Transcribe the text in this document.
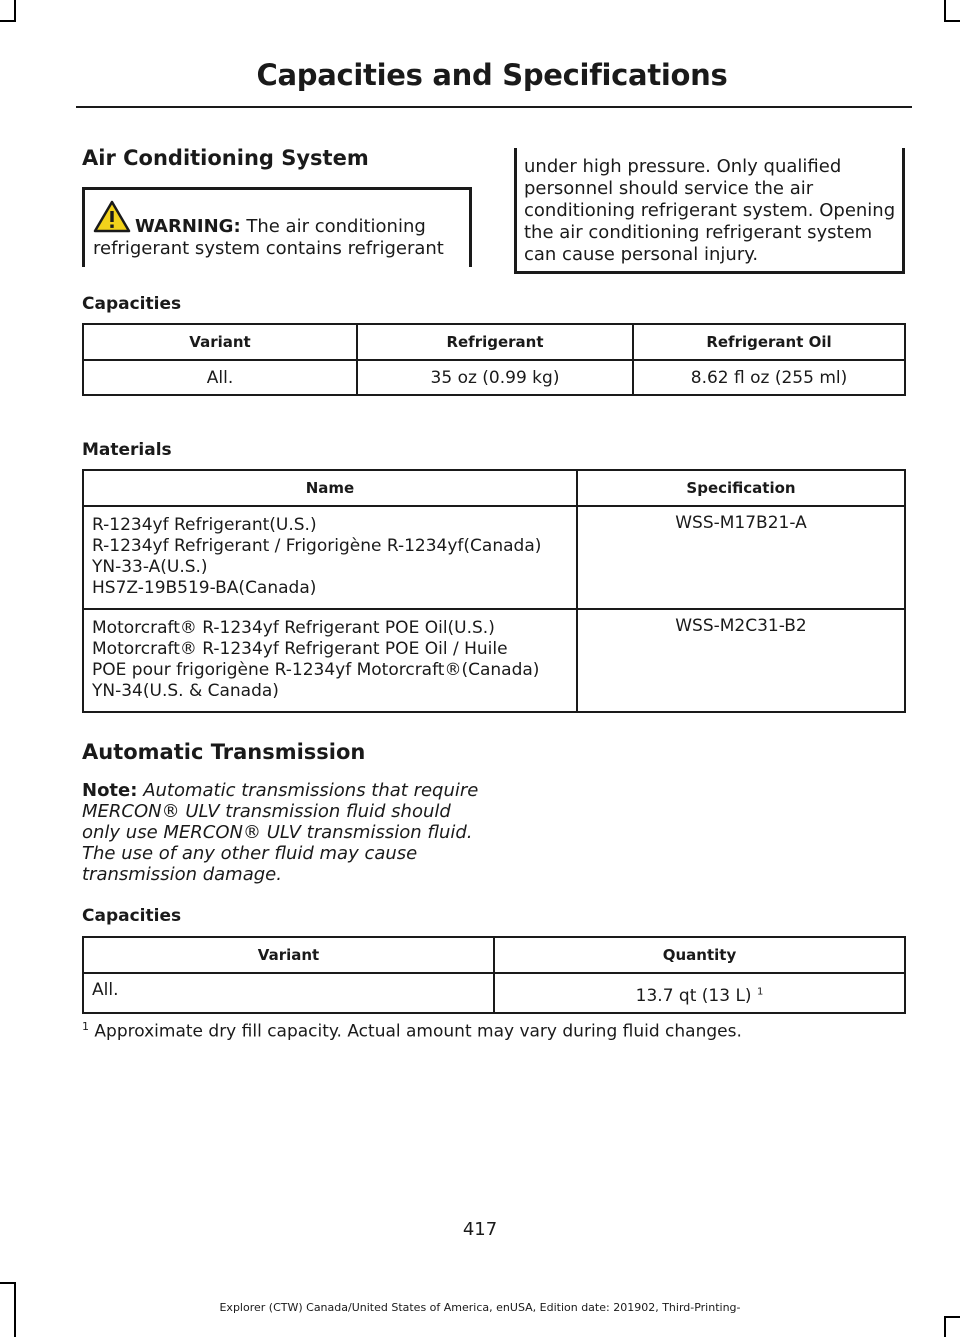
Capacities and Specifications
Air Conditioning System
WARNING: The air conditioning refrigerant system contains refrigerant
under high pressure. Only qualified personnel should service the air conditioning refrigerant system. Opening the air conditioning refrigerant system can cause personal injury.
Capacities
Variant	Refrigerant	Refrigerant Oil
All.	35 oz (0.99 kg)	8.62 fl oz (255 ml)
Materials
Name	Specification

R-1234yf Refrigerant(U.S.)
R-1234yf Refrigerant / Frigorigène R-1234yf(Canada)
YN-33-A(U.S.)
HS7Z-19B519-BA(Canada)	WSS-M17B21-A

Motorcraft® R-1234yf Refrigerant POE Oil(U.S.)
Motorcraft® R-1234yf Refrigerant POE Oil / Huile
POE pour frigorigène R-1234yf Motorcraft®(Canada)
YN-34(U.S. & Canada)	WSS-M2C31-B2
Automatic Transmission
Note: Automatic transmissions that require MERCON® ULV transmission fluid should only use MERCON® ULV transmission fluid. The use of any other fluid may cause transmission damage.
Capacities
Variant	Quantity
All.	13.7 qt (13 L) $^1$
$^1$ Approximate dry fill capacity. Actual amount may vary during fluid changes.
417
Explorer (CTW) Canada/United States of America, enUSA, Edition date: 201902, Third-Printing-
